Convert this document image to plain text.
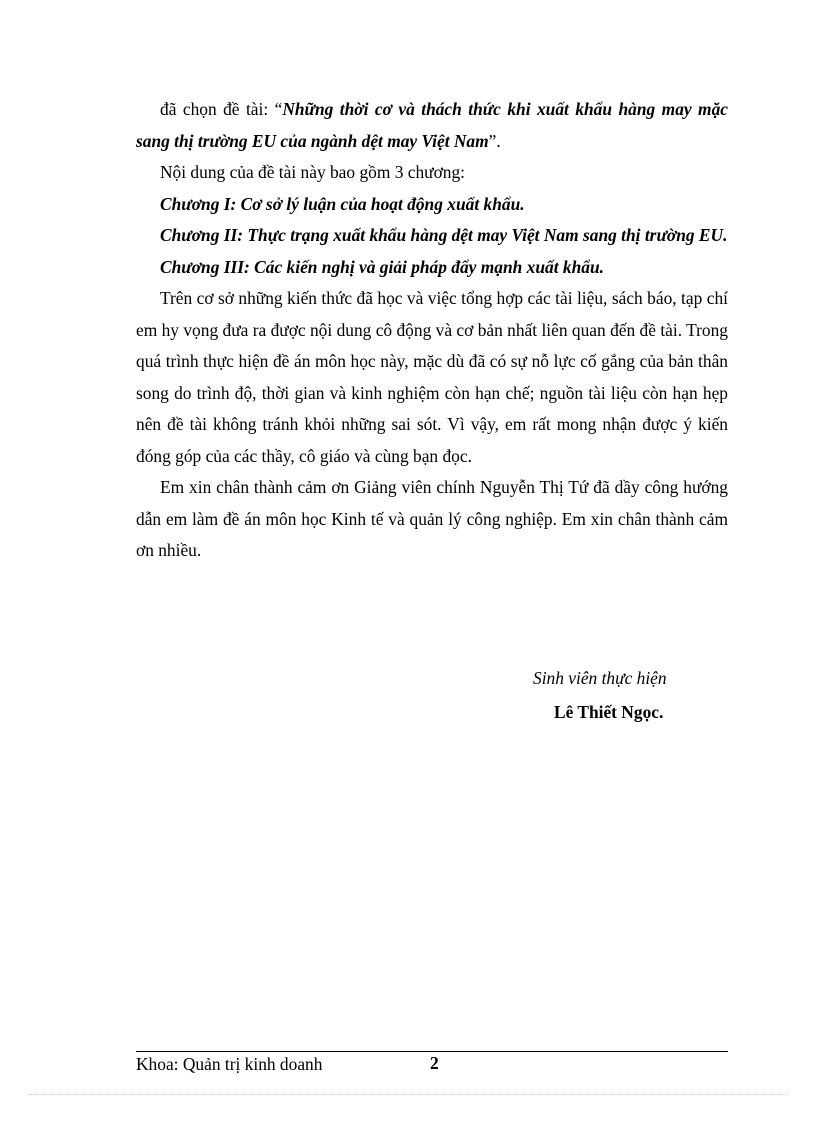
đã chọn đề tài: “Những thời cơ và thách thức khi xuất khẩu hàng may mặc sang thị trường EU của ngành dệt may Việt Nam”.

Nội dung của đề tài này bao gồm 3 chương:

Chương I: Cơ sở lý luận của hoạt động xuất khẩu.

Chương II: Thực trạng xuất khẩu hàng dệt may Việt Nam sang thị trường EU.

Chương III: Các kiến nghị và giải pháp đẩy mạnh xuất khẩu.

Trên cơ sở những kiến thức đã học và việc tổng hợp các tài liệu, sách báo, tạp chí em hy vọng đưa ra được nội dung cô động và cơ bản nhất liên quan đến đề tài. Trong quá trình thực hiện đề án môn học này, mặc dù đã có sự nỗ lực cố gắng của bản thân song do trình độ, thời gian và kinh nghiệm còn hạn chế; nguồn tài liệu còn hạn hẹp nên đề tài không tránh khỏi những sai sót. Vì vậy, em rất mong nhận được ý kiến đóng góp của các thầy, cô giáo và cùng bạn đọc.

Em xin chân thành cảm ơn Giảng viên chính Nguyễn Thị Tứ đã dầy công hướng dẫn em làm đề án môn học Kinh tế và quản lý công nghiệp. Em xin chân thành cảm ơn nhiều.

Sinh viên thực hiện
Lê Thiết Ngọc.
Khoa: Quản trị kinh doanh	2
